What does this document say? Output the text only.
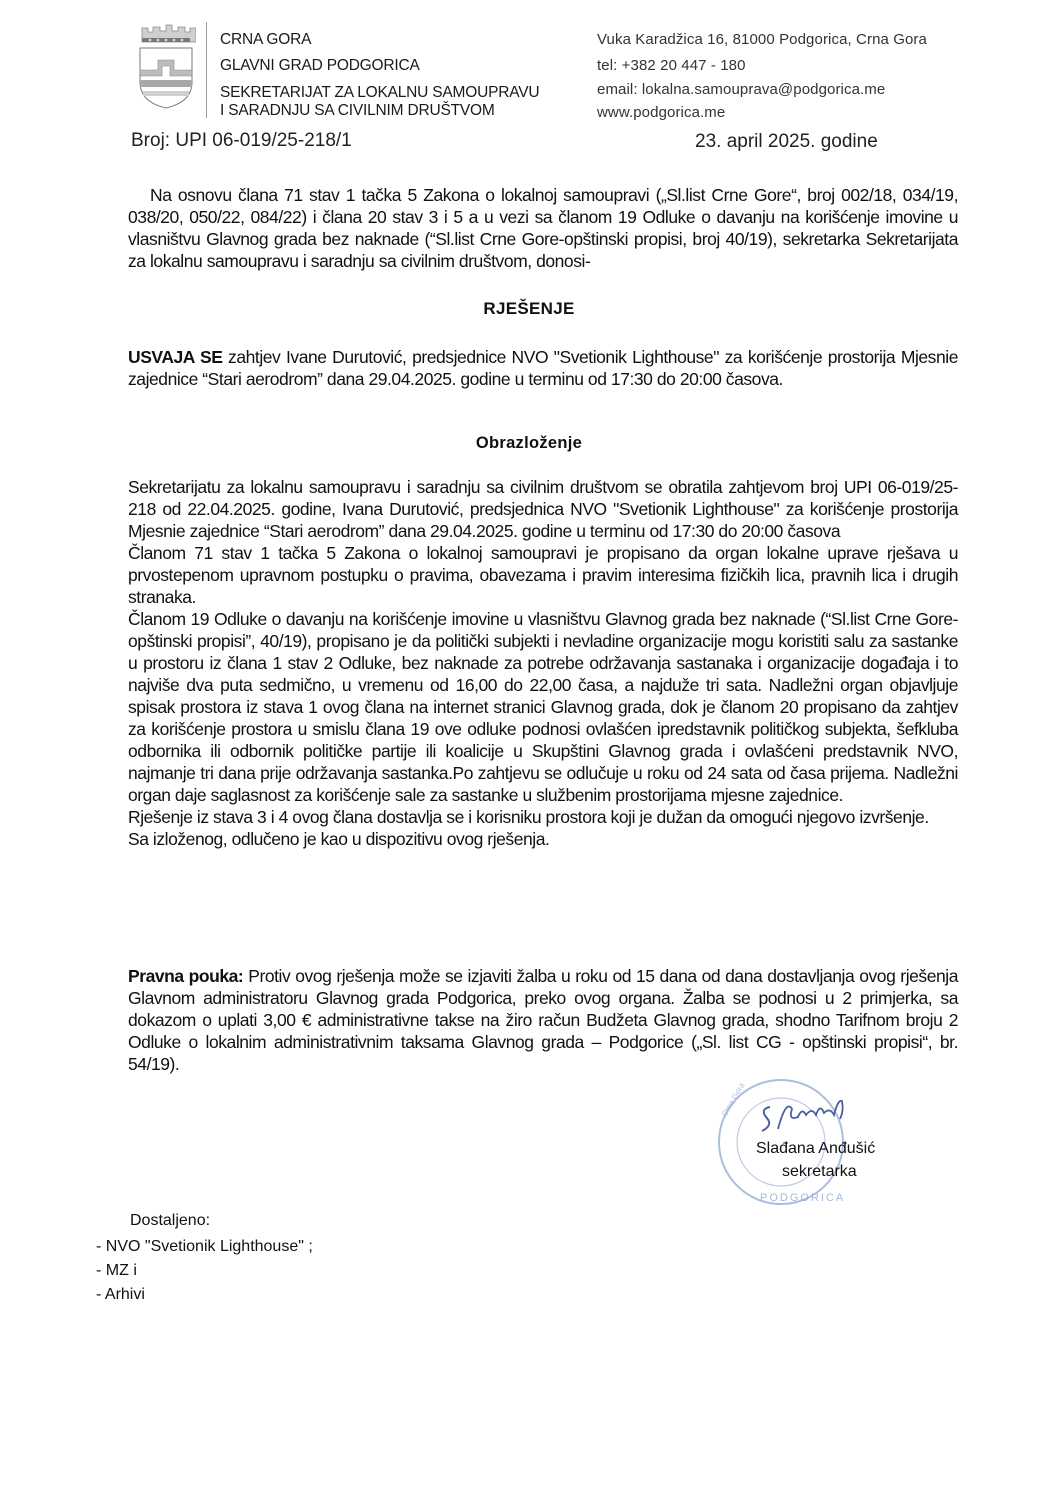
CRNA GORA
GLAVNI GRAD PODGORICA
SEKRETARIJAT ZA LOKALNU SAMOUPRAVU
I SARADNJU SA CIVILNIM DRUŠTVOM
Vuka Karadžica 16, 81000 Podgorica, Crna Gora
tel: +382 20 447 - 180
email: lokalna.samouprava@podgorica.me
www.podgorica.me
Broj: UPI 06-019/25-218/1	23. april 2025. godine

Na osnovu člana 71 stav 1 tačka 5 Zakona o lokalnoj samoupravi („Sl.list Crne Gore“, broj 002/18, 034/19, 038/20, 050/22, 084/22) i člana 20 stav 3 i 5 a u vezi sa članom 19 Odluke o davanju na korišćenje imovine u vlasništvu Glavnog grada bez naknade (“Sl.list Crne Gore-opštinski propisi, broj 40/19), sekretarka Sekretarijata za lokalnu samoupravu i saradnju sa civilnim društvom, donosi-

RJEŠENJE

USVAJA SE zahtjev Ivane Durutović, predsjednice NVO "Svetionik Lighthouse" za korišćenje prostorija Mjesnie zajednice “Stari aerodrom” dana 29.04.2025. godine u terminu od 17:30 do 20:00 časova.

Obrazloženje

Sekretarijatu za lokalnu samoupravu i saradnju sa civilnim društvom se obratila zahtjevom broj UPI 06-019/25-218 od 22.04.2025. godine, Ivana Durutović, predsjednica NVO "Svetionik Lighthouse" za korišćenje prostorija Mjesnie zajednice “Stari aerodrom” dana 29.04.2025. godine u terminu od 17:30 do 20:00 časova

Članom 71 stav 1 tačka 5 Zakona o lokalnoj samoupravi je propisano da organ lokalne uprave rješava u prvostepenom upravnom postupku o pravima, obavezama i pravim interesima fizičkih lica, pravnih lica i drugih stranaka.

Članom 19 Odluke o davanju na korišćenje imovine u vlasništvu Glavnog grada bez naknade (“Sl.list Crne Gore-opštinski propisi”, 40/19), propisano je da politički subjekti i nevladine organizacije mogu koristiti salu za sastanke u prostoru iz člana 1 stav 2 Odluke, bez naknade za potrebe održavanja sastanaka i organizacije događaja i to najviše dva puta sedmično, u vremenu od 16,00 do 22,00 časa, a najduže tri sata. Nadležni organ objavljuje spisak prostora iz stava 1 ovog člana na internet stranici Glavnog grada, dok je članom 20 propisano da zahtjev za korišćenje prostora u smislu člana 19 ove odluke podnosi ovlašćen ipredstavnik političkog subjekta, šefkluba odbornika ili odbornik političke partije ili koalicije u Skupštini Glavnog grada i ovlašćeni predstavnik NVO, najmanje tri dana prije održavanja sastanka.Po zahtjevu se odlučuje u roku od 24 sata od časa prijema. Nadležni organ daje saglasnost za korišćenje sale za sastanke u službenim prostorijama mjesne zajednice.

Rješenje iz stava 3 i 4 ovog člana dostavlja se i korisniku prostora koji je dužan da omogući njegovo izvršenje.

Sa izloženog, odlučeno je kao u dispozitivu ovog rješenja.

Pravna pouka: Protiv ovog rješenja može se izjaviti žalba u roku od 15 dana od dana dostavljanja ovog rješenja Glavnom administratoru Glavnog grada Podgorica, preko ovog organa. Žalba se podnosi u 2 primjerka, sa dokazom o uplati 3,00 € administrativne takse na žiro račun Budžeta Glavnog grada, shodno Tarifnom broju 2 Odluke o lokalnim administrativnim taksama Glavnog grada – Podgorice („Sl. list CG - opštinski propisi“, br. 54/19).

PODGORICA
Crna Gora
Slađana Anđušić
sekretarka
Dostaljeno:
- NVO "Svetionik Lighthouse" ;
- MZ i
- Arhivi
